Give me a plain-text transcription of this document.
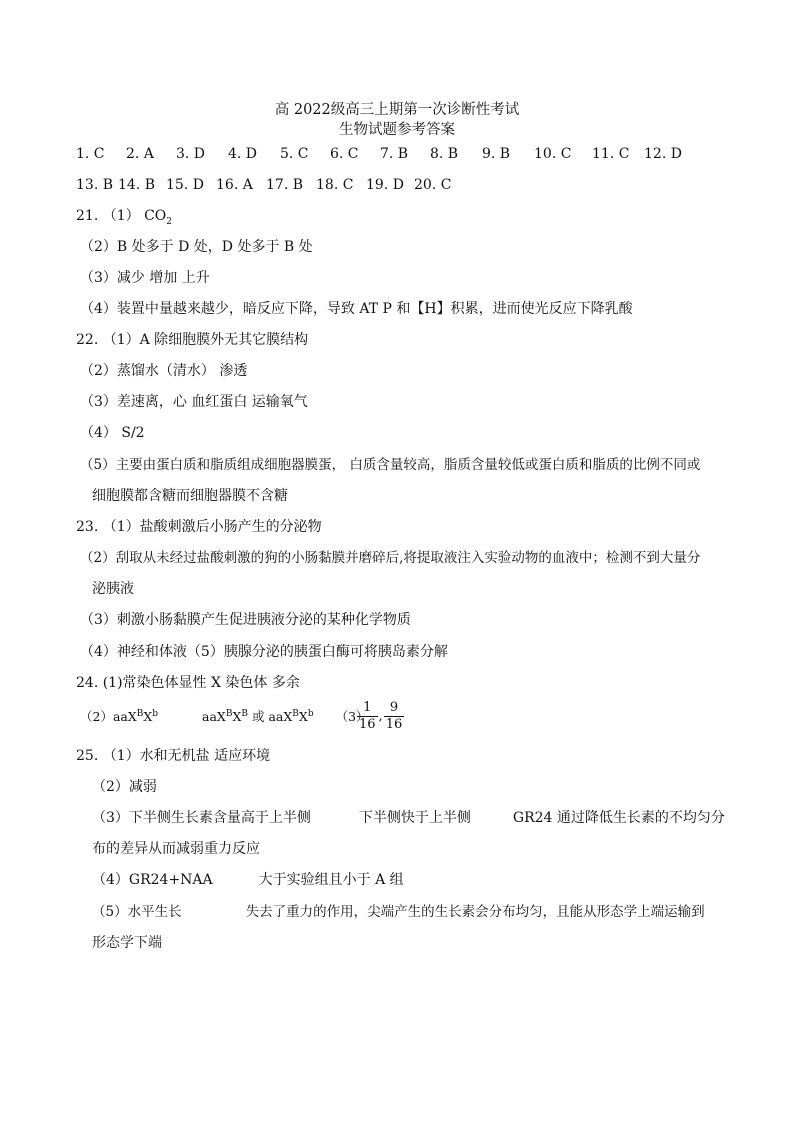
高 2022级高三上期第一次诊断性考试
生物试题参考答案
1. C 2. A 3. D 4. D 5. C 6. C 7. B 8. B 9. B 10. C 11. C 12. D
13. B 14. B 15. D 16. A 17. B 18. C 19. D 20. C
21. （1） $CO_2$
（2）B 处多于 D 处，D 处多于 B 处
（3）减少 增加 上升
（4）装置中量越来越少，暗反应下降，导致 AT P 和【H】积累，进而使光反应下降乳酸
22. （1）A 除细胞膜外无其它膜结构
（2）蒸馏水（清水） 渗透
（3）差速离，心 血红蛋白 运输氧气
（4） S/2
（5）主要由蛋白质和脂质组成细胞器膜蛋， 白质含量较高，脂质含量较低或蛋白质和脂质的比例不同或
细胞膜都含糖而细胞器膜不含糖
23. （1）盐酸刺激后小肠产生的分泌物
（2）刮取从未经过盐酸刺激的狗的小肠黏膜并磨碎后,将提取液注入实验动物的血液中；检测不到大量分
泌胰液
（3）刺激小肠黏膜产生促进胰液分泌的某种化学物质
（4）神经和体液（5）胰腺分泌的胰蛋白酶可将胰岛素分解
24. (1)常染色体显性 X 染色体 多余
$(2)aaX^BX^b$	$aaX^BX^B$ 或 $aaX^BX^b$ （3）
$\frac{1}{16}$ , $\frac{9}{16}$
25. （1）水和无机盐 适应环境
（2）减弱
（3）下半侧生长素含量高于上半侧	下半侧快于上半侧	GR24 通过降低生长素的不均匀分
布的差异从而减弱重力反应
（4）GR24+NAA	大于实验组且小于 A 组
（5）水平生长	失去了重力的作用，尖端产生的生长素会分布均匀，且能从形态学上端运输到
形态学下端
